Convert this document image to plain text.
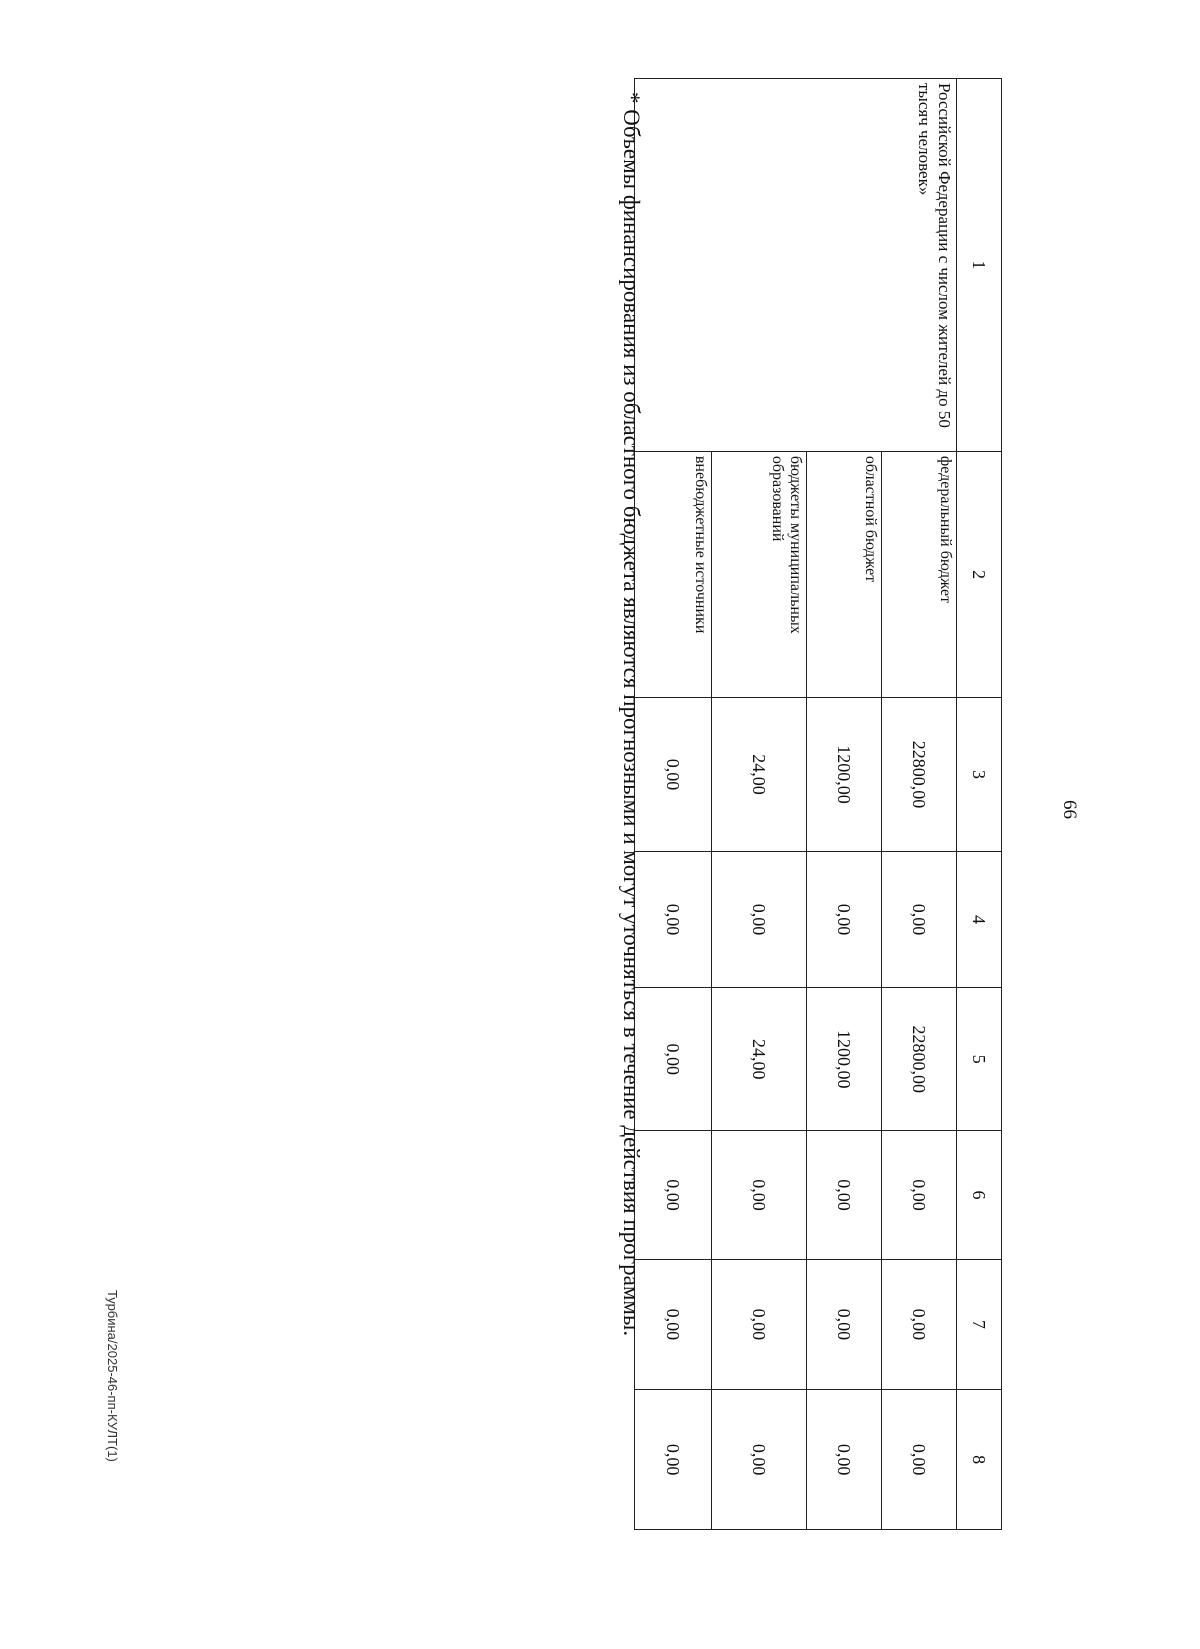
66
1	2	3	4	5	6	7	8
Российской Федерации с числом жителей до 50 тысяч человек»	федеральный бюджет	22800,00	0,00	22800,00	0,00	0,00	0,00
	областной бюджет	1200,00	0,00	1200,00	0,00	0,00	0,00
	бюджеты муниципальных образований	24,00	0,00	24,00	0,00	0,00	0,00
	внебюджетные источники	0,00	0,00	0,00	0,00	0,00	0,00
* Объемы финансирования из областного бюджета являются прогнозными и могут уточняться в течение действия программы.
Турбина/2025-46-пп-КУЛТ(1)
